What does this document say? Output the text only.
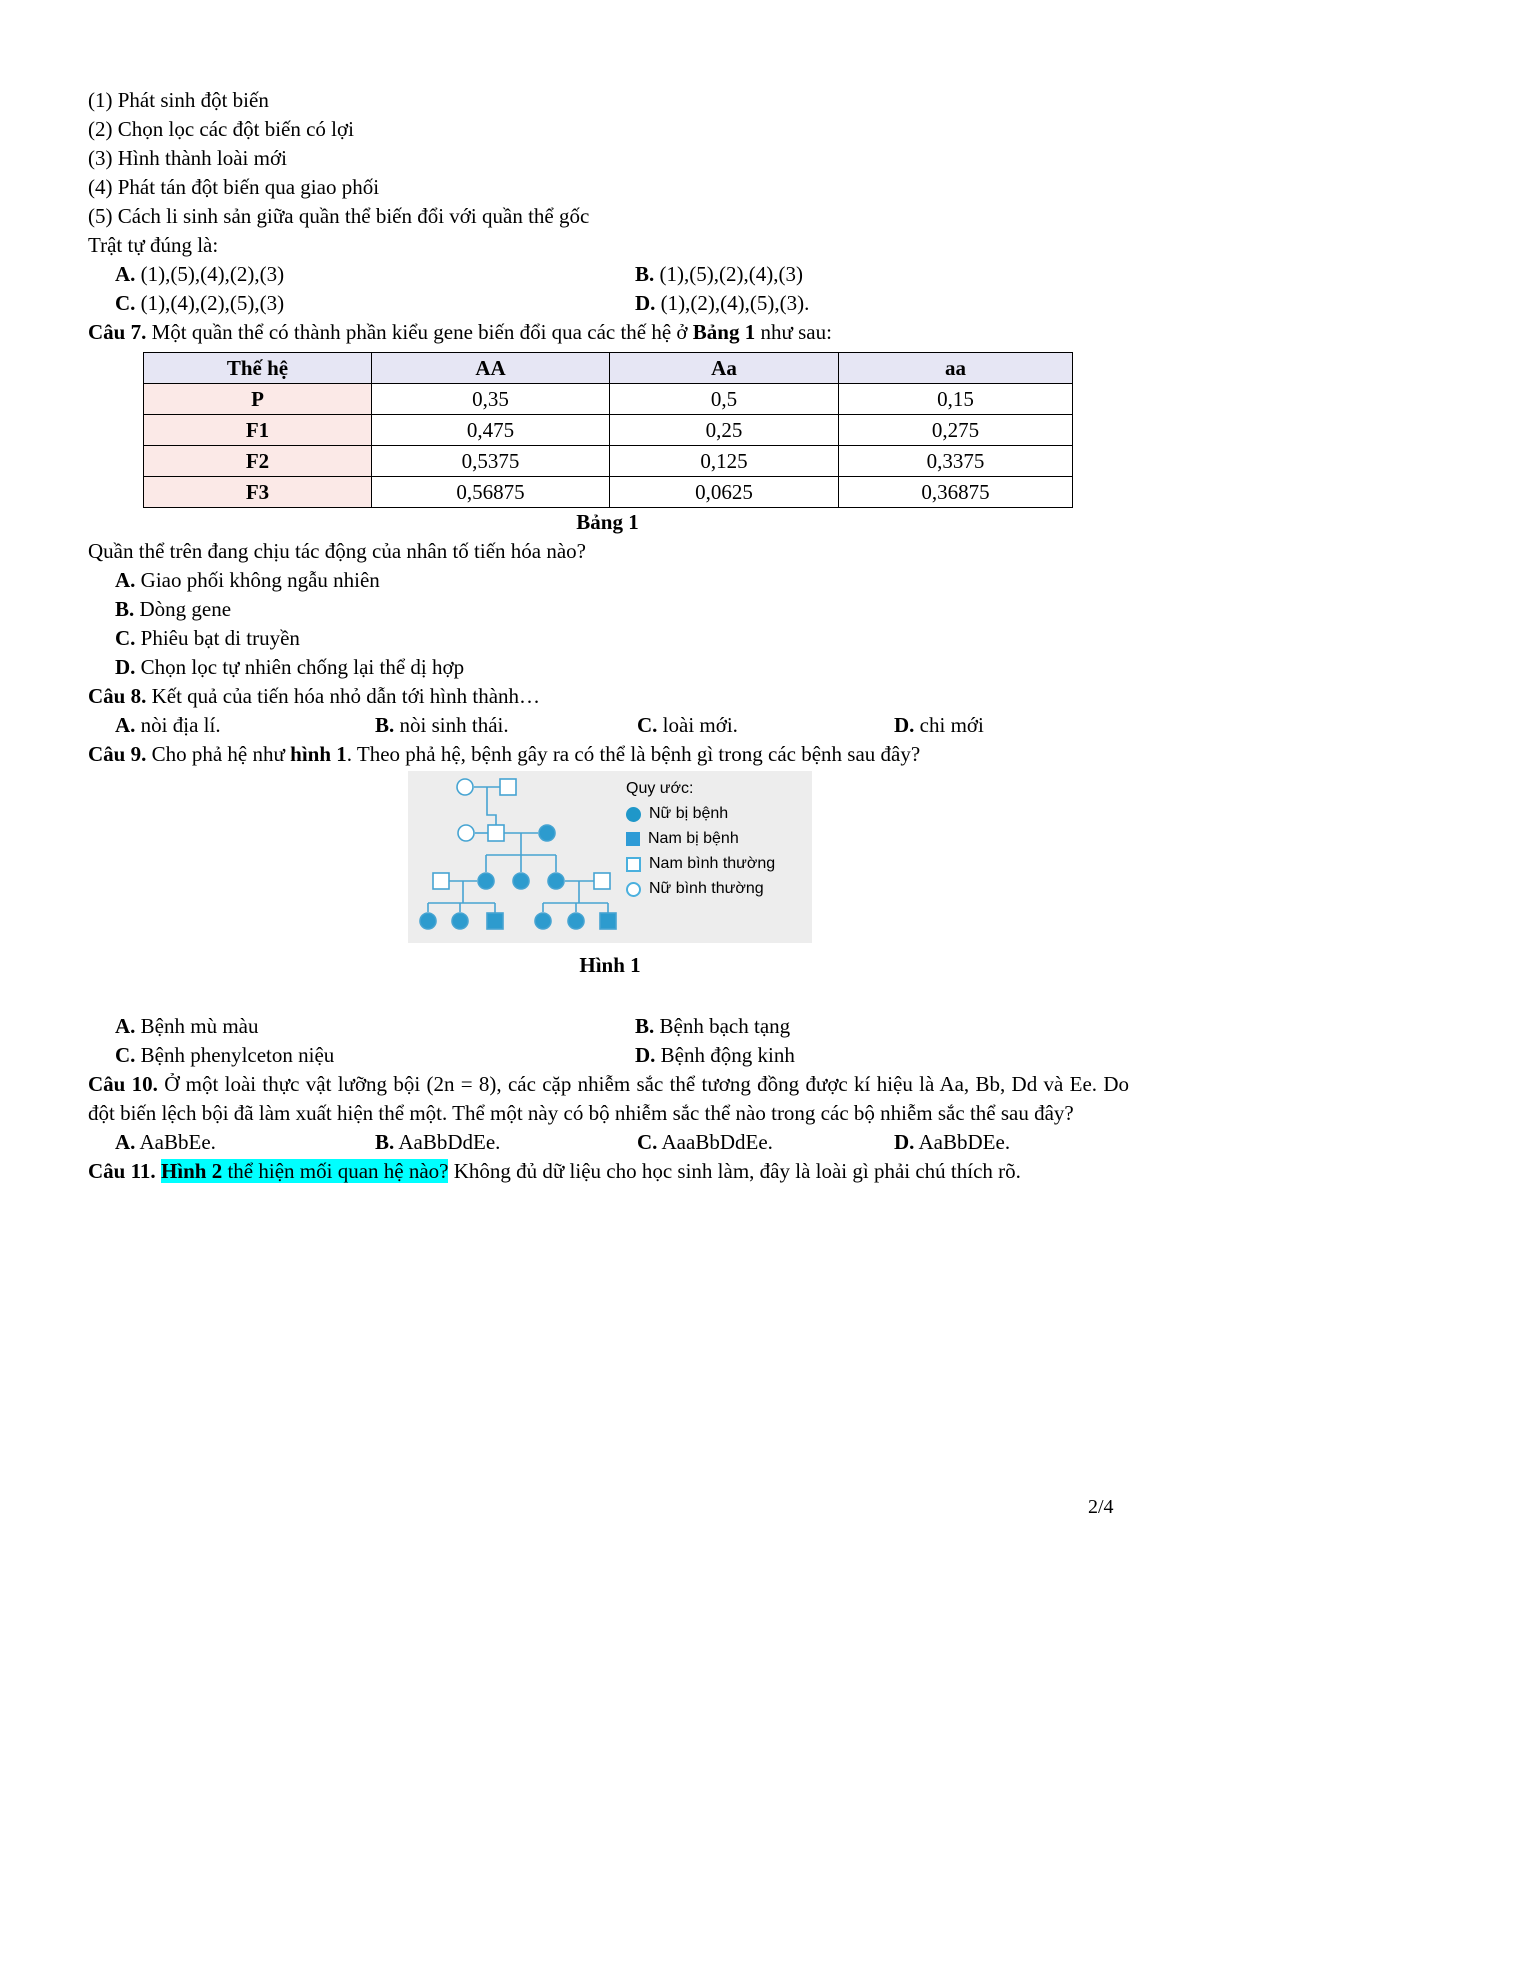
(1) Phát sinh đột biến

(2) Chọn lọc các đột biến có lợi

(3) Hình thành loài mới

(4) Phát tán đột biến qua giao phối

(5) Cách li sinh sản giữa quần thể biến đổi với quần thể gốc

Trật tự đúng là:

A. (1),(5),(4),(2),(3)	B. (1),(5),(2),(4),(3)
C. (1),(4),(2),(5),(3)	D. (1),(2),(4),(5),(3).

Câu 7. Một quần thể có thành phần kiểu gene biến đổi qua các thế hệ ở Bảng 1 như sau:

Thế hệ	AA	Aa	aa
P	0,35	0,5	0,15
F1	0,475	0,25	0,275
F2	0,5375	0,125	0,3375
F3	0,56875	0,0625	0,36875
Bảng 1

Quần thể trên đang chịu tác động của nhân tố tiến hóa nào?

A. Giao phối không ngẫu nhiên

B. Dòng gene

C. Phiêu bạt di truyền

D. Chọn lọc tự nhiên chống lại thể dị hợp

Câu 8. Kết quả của tiến hóa nhỏ dẫn tới hình thành…

A. nòi địa lí.	B. nòi sinh thái.	C. loài mới.	D. chi mới

Câu 9. Cho phả hệ như hình 1. Theo phả hệ, bệnh gây ra có thể là bệnh gì trong các bệnh sau đây?

Quy ước:
Nữ bị bệnh
Nam bị bệnh
Nam bình thường
Nữ bình thường
Hình 1
A. Bệnh mù màu	B. Bệnh bạch tạng
C. Bệnh phenylceton niệu	D. Bệnh động kinh

Câu 10. Ở một loài thực vật lưỡng bội (2n = 8), các cặp nhiễm sắc thể tương đồng được kí hiệu là Aa, Bb, Dd và Ee. Do đột biến lệch bội đã làm xuất hiện thể một. Thể một này có bộ nhiễm sắc thể nào trong các bộ nhiễm sắc thể sau đây?

A. AaBbEe.	B. AaBbDdEe.	C. AaaBbDdEe.	D. AaBbDEe.

Câu 11. Hình 2 thể hiện mối quan hệ nào? Không đủ dữ liệu cho học sinh làm, đây là loài gì phải chú thích rõ.

2/4
